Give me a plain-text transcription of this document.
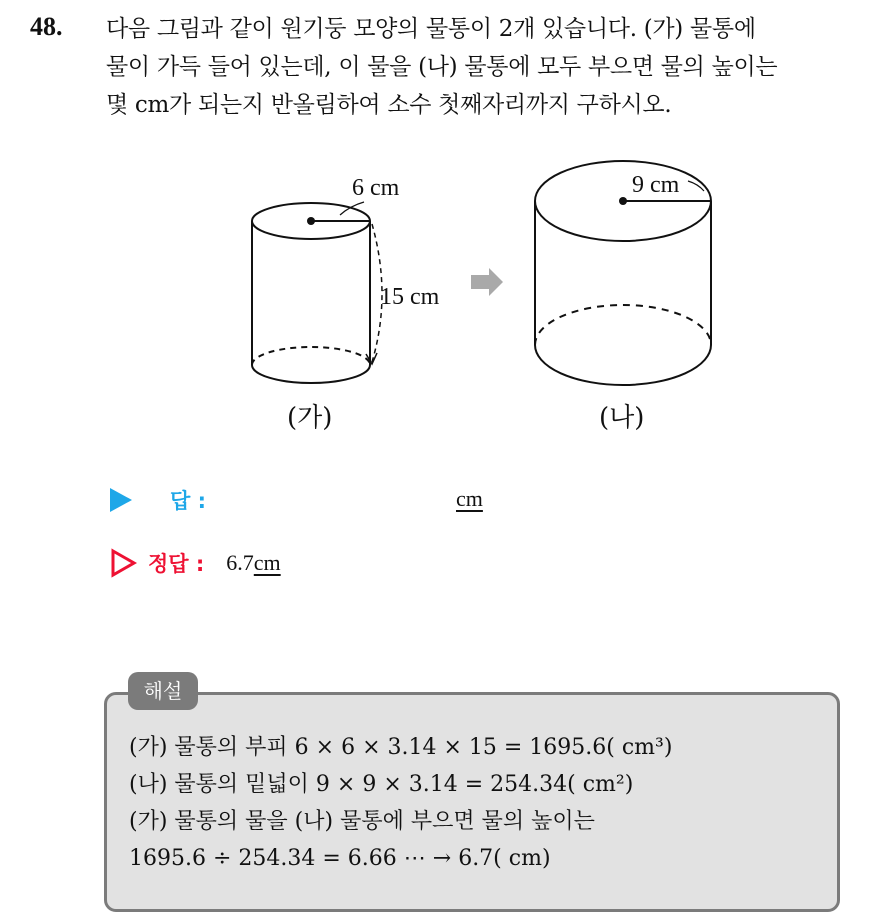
48. 다음 그림과 같이 원기둥 모양의 물통이 2개 있습니다. (가) 물통에
물이 가득 들어 있는데, 이 물을 (나) 물통에 모두 부으면 물의 높이는
몇 cm가 되는지 반올림하여 소수 첫째자리까지 구하시오.
6 cm
15 cm
(가)
9 cm
(나)
답 :	cm
정답 : 6.7 cm
해설
(가) 물통의 부피 6 × 6 × 3.14 × 15 = 1695.6( cm³)
(나) 물통의 밑넓이 9 × 9 × 3.14 = 254.34( cm²)
(가) 물통의 물을 (나) 물통에 부으면 물의 높이는
1695.6 ÷ 254.34 = 6.66 ⋯ → 6.7( cm)
